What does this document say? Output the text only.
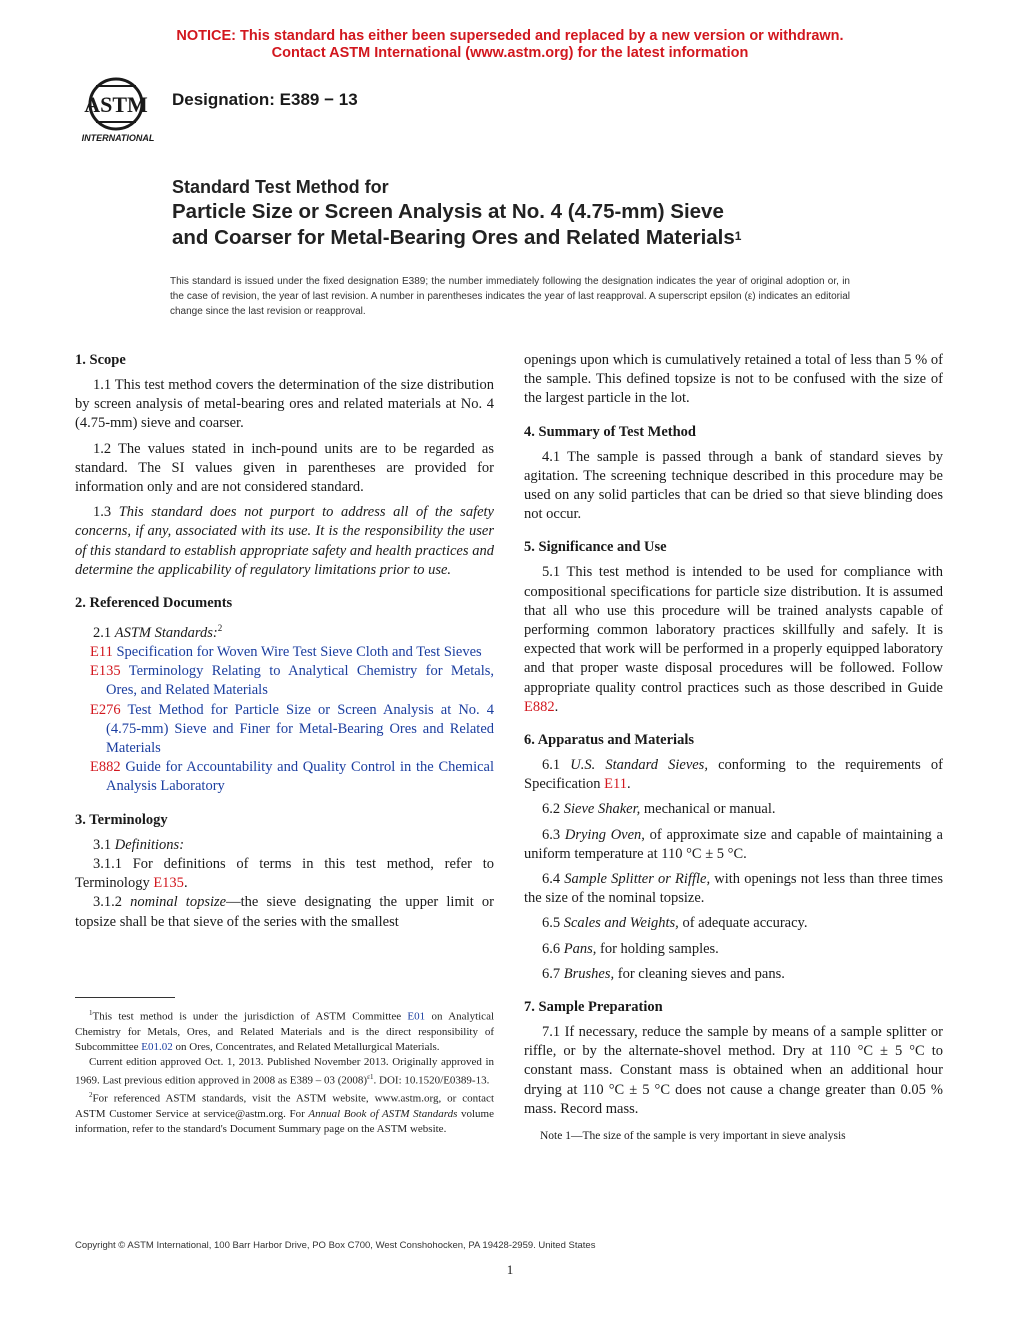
NOTICE: This standard has either been superseded and replaced by a new version or withdrawn.
Contact ASTM International (www.astm.org) for the latest information
ASTM
INTERNATIONAL
Designation: E389 − 13
Standard Test Method for
Particle Size or Screen Analysis at No. 4 (4.75-mm) Sieve
and Coarser for Metal-Bearing Ores and Related Materials$^1$
This standard is issued under the fixed designation E389; the number immediately following the designation indicates the year of original adoption or, in the case of revision, the year of last revision. A number in parentheses indicates the year of last reapproval. A superscript epsilon (ε) indicates an editorial change since the last revision or reapproval.
1. Scope

1.1 This test method covers the determination of the size distribution by screen analysis of metal-bearing ores and related materials at No. 4 (4.75-mm) sieve and coarser.

1.2 The values stated in inch-pound units are to be regarded as standard. The SI values given in parentheses are provided for information only and are not considered standard.

1.3 This standard does not purport to address all of the safety concerns, if any, associated with its use. It is the responsibility the user of this standard to establish appropriate safety and health practices and determine the applicability of regulatory limitations prior to use.

2. Referenced Documents

2.1 ASTM Standards:$^2$

E11 Specification for Woven Wire Test Sieve Cloth and Test Sieves

E135 Terminology Relating to Analytical Chemistry for Metals, Ores, and Related Materials

E276 Test Method for Particle Size or Screen Analysis at No. 4 (4.75-mm) Sieve and Finer for Metal-Bearing Ores and Related Materials

E882 Guide for Accountability and Quality Control in the Chemical Analysis Laboratory

3. Terminology

3.1 Definitions:

3.1.1 For definitions of terms in this test method, refer to Terminology E135.

3.1.2 nominal topsize—the sieve designating the upper limit or topsize shall be that sieve of the series with the smallest

$^1$This test method is under the jurisdiction of ASTM Committee E01 on Analytical Chemistry for Metals, Ores, and Related Materials and is the direct responsibility of Subcommittee E01.02 on Ores, Concentrates, and Related Metallurgical Materials.

Current edition approved Oct. 1, 2013. Published November 2013. Originally approved in 1969. Last previous edition approved in 2008 as E389 – 03 $(2008)^{\varepsilon 1}$. DOI: 10.1520/E0389-13.

$^2$For referenced ASTM standards, visit the ASTM website, www.astm.org, or contact ASTM Customer Service at service@astm.org. For Annual Book of ASTM Standards volume information, refer to the standard's Document Summary page on the ASTM website.

openings upon which is cumulatively retained a total of less than 5 % of the sample. This defined topsize is not to be confused with the size of the largest particle in the lot.

4. Summary of Test Method

4.1 The sample is passed through a bank of standard sieves by agitation. The screening technique described in this procedure may be used on any solid particles that can be dried so that sieve blinding does not occur.

5. Significance and Use

5.1 This test method is intended to be used for compliance with compositional specifications for particle size distribution. It is assumed that all who use this procedure will be trained analysts capable of performing common laboratory practices skillfully and safely. It is expected that work will be performed in a properly equipped laboratory and that proper waste disposal procedures will be followed. Follow appropriate quality control practices such as those described in Guide E882.

6. Apparatus and Materials

6.1 U.S. Standard Sieves, conforming to the requirements of Specification E11.

6.2 Sieve Shaker, mechanical or manual.

6.3 Drying Oven, of approximate size and capable of maintaining a uniform temperature at 110 °C ± 5 °C.

6.4 Sample Splitter or Riffle, with openings not less than three times the size of the nominal topsize.

6.5 Scales and Weights, of adequate accuracy.

6.6 Pans, for holding samples.

6.7 Brushes, for cleaning sieves and pans.

7. Sample Preparation

7.1 If necessary, reduce the sample by means of a sample splitter or riffle, or by the alternate-shovel method. Dry at 110 °C ± 5 °C to constant mass. Constant mass is obtained when an additional hour drying at 110 °C ± 5 °C does not cause a change greater than 0.05 % mass. Record mass.

Note 1—The size of the sample is very important in sieve analysis

Copyright © ASTM International, 100 Barr Harbor Drive, PO Box C700, West Conshohocken, PA 19428-2959. United States
1
